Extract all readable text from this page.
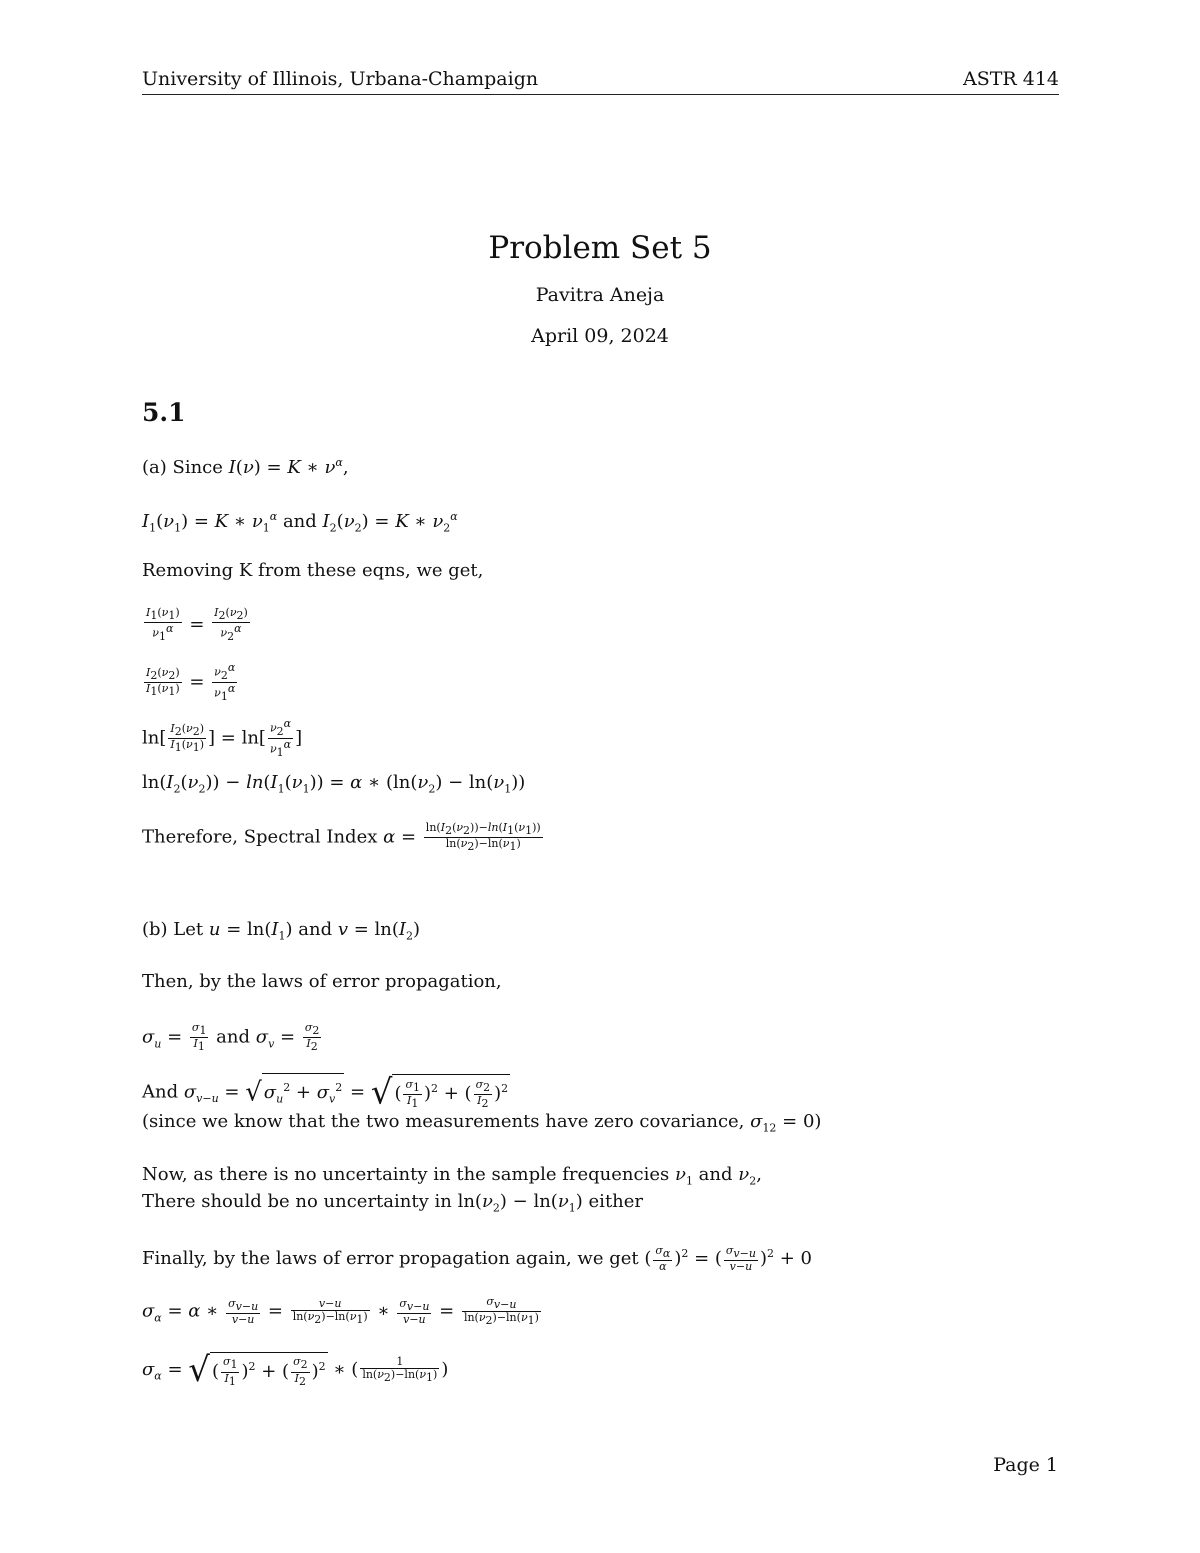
University of Illinois, Urbana-Champaign	ASTR 414
Problem Set 5
Pavitra Aneja
April 09, 2024
5.1
(a) Since I(ν) = K ∗ $\nu^\alpha$,
$I_1(\nu_1) = K$ ∗ $\nu_1^\alpha$ and $I_2(\nu_2) = K$ ∗ $\nu_2^\alpha$
Removing K from these eqns, we get,
$\frac{I_1(\nu_1)}{\nu_1^\alpha} = \frac{I_2(\nu_2)}{\nu_2^\alpha}$
$\frac{I_2(\nu_2)}{I_1(\nu_1)} = \frac{\nu_2^\alpha}{\nu_1^\alpha}$
$\ln[ \frac{I_2(\nu_2)}{I_1(\nu_1)}$ ] = $\ln[ \frac{\nu_2^\alpha}{\nu_1^\alpha}$ ]
$\ln(I_2(\nu_2)) - \ln(I_1(\nu_1)) = \alpha$ ∗ $(\ln(\nu_2) - \ln(\nu_1))$
Therefore, Spectral Index $\alpha = \frac{\ln(I_2(\nu_2))-\ln(I_1(\nu_1))}{\ln(\nu_2)-\ln(\nu_1)}$
(b) Let $u = \ln(I_1)$ and $v = \ln(I_2)$
Then, by the laws of error propagation,
$\sigma_u = \frac{\sigma_1}{I_1}$ and $\sigma_v = \frac{\sigma_2}{I_2}$
And $\sigma_{v-u}$ = √ $\sigma_u^2 + \sigma_v^2$ = √ ( $\frac{\sigma_1}{I_1} )^2$ + ( $\frac{\sigma_2}{I_2} )^2$
(since we know that the two measurements have zero covariance, $\sigma_{12} = 0$)
Now, as there is no uncertainty in the sample frequencies $\nu_1$ and $\nu_2$,
There should be no uncertainty in $\ln(\nu_2) - \ln(\nu_1)$ either
Finally, by the laws of error propagation again, we get ( $\frac{\sigma_\alpha}{\alpha} )^2$ = ( $\frac{\sigma_{v-u}}{v-u} )^2 + 0$
$\sigma_\alpha = \alpha$ ∗ $\frac{\sigma_{v-u}}{v-u} = \frac{v-u}{\ln(\nu_2)-\ln(\nu_1)}$ ∗ $\frac{\sigma_{v-u}}{v-u} = \frac{\sigma_{v-u}}{\ln(\nu_2)-\ln(\nu_1)}$
$\sigma_\alpha$ = √ ( $\frac{\sigma_1}{I_1} )^2$ + ( $\frac{\sigma_2}{I_2} )^2$ ∗ ( $\frac{1}{\ln(\nu_2)-\ln(\nu_1)}$ )
Page 1
